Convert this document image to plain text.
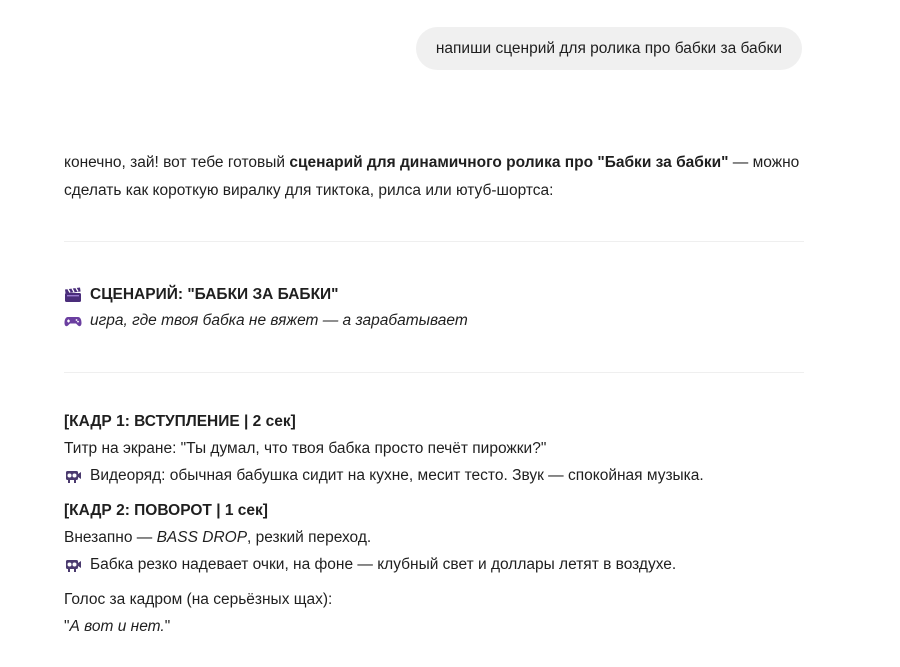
напиши сценрий для ролика про бабки за бабки

конечно, зай! вот тебе готовый сценарий для динамичного ролика про "Бабки за бабки" — можно сделать как короткую виралку для тиктока, рилса или ютуб-шортса:

СЦЕНАРИЙ: "БАБКИ ЗА БАБКИ"
игра, где твоя бабка не вяжет — а зарабатывает
[КАДР 1: ВСТУПЛЕНИЕ | 2 сек]
Титр на экране: "Ты думал, что твоя бабка просто печёт пирожки?"
Видеоряд: обычная бабушка сидит на кухне, месит тесто. Звук — спокойная музыка.
[КАДР 2: ПОВОРОТ | 1 сек]
Внезапно — BASS DROP , резкий переход.
Бабка резко надевает очки, на фоне — клубный свет и доллары летят в воздухе.
Голос за кадром (на серьёзных щах):
" А вот и нет. "
